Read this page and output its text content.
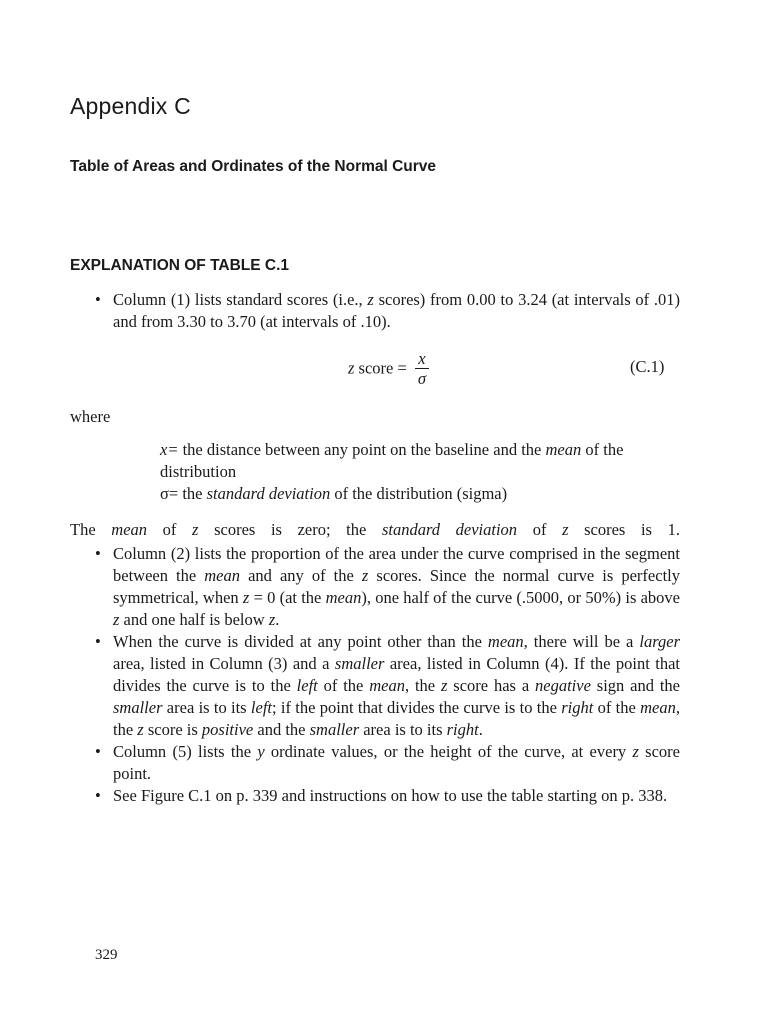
Appendix C
Table of Areas and Ordinates of the Normal Curve
EXPLANATION OF TABLE C.1
• Column (1) lists standard scores (i.e., z scores) from 0.00 to 3.24 (at intervals of .01) and from 3.30 to 3.70 (at intervals of .10).
z score = $\frac{x}{\sigma}$	(C.1)
where
x= the distance between any point on the baseline and the mean of the distribution
σ= the standard deviation of the distribution (sigma)
The mean of z scores is zero; the standard deviation of z scores is 1.
• Column (2) lists the proportion of the area under the curve comprised in the segment between the mean and any of the z scores. Since the normal curve is perfectly symmetrical, when z = 0 (at the mean), one half of the curve (.5000, or 50%) is above z and one half is below z.
• When the curve is divided at any point other than the mean, there will be a larger area, listed in Column (3) and a smaller area, listed in Column (4). If the point that divides the curve is to the left of the mean, the z score has a negative sign and the smaller area is to its left; if the point that divides the curve is to the right of the mean, the z score is positive and the smaller area is to its right.
• Column (5) lists the y ordinate values, or the height of the curve, at every z score point.
• See Figure C.1 on p. 339 and instructions on how to use the table starting on p. 338.
329
